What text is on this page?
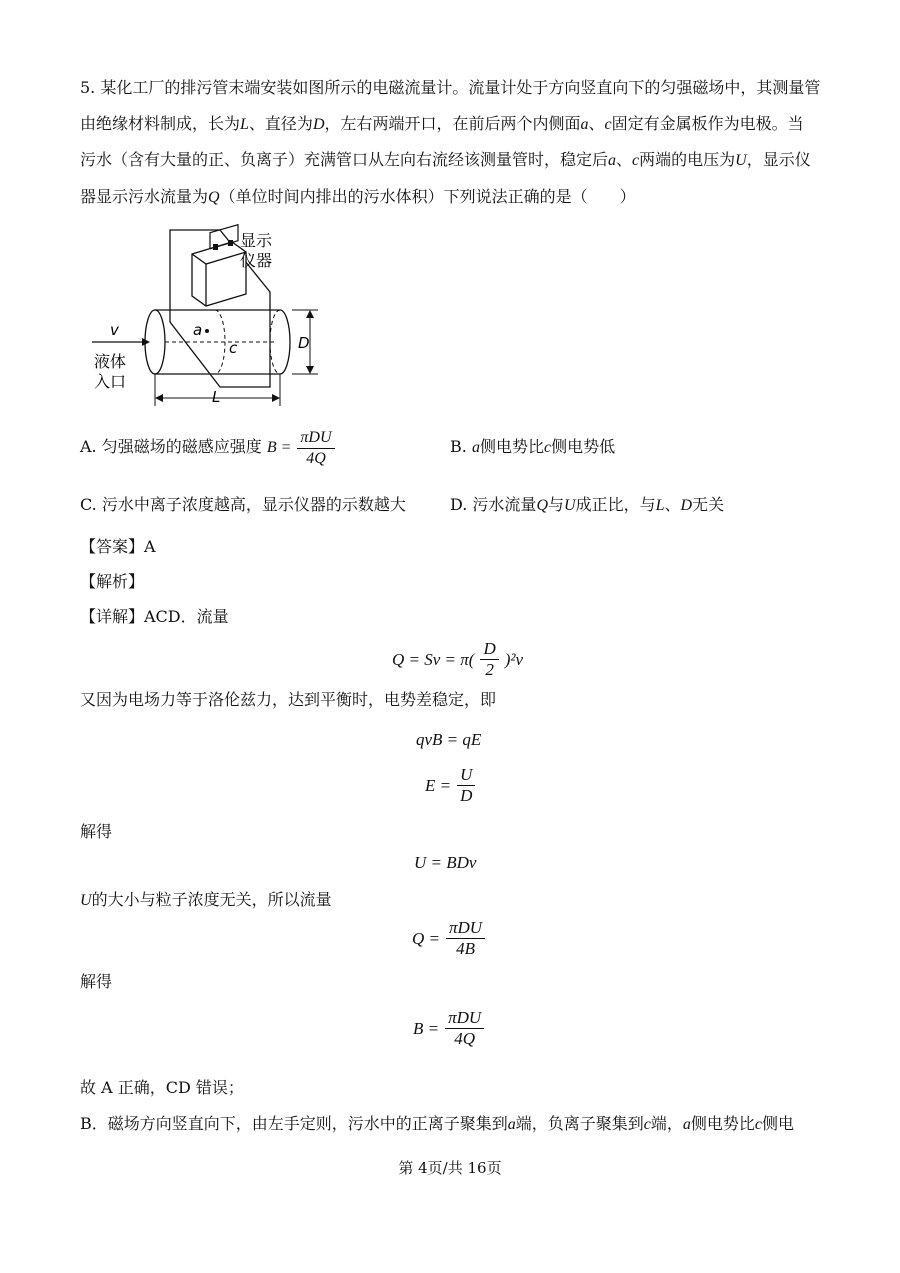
5. 某化工厂的排污管末端安装如图所示的电磁流量计。流量计处于方向竖直向下的匀强磁场中，其测量管
由绝缘材料制成，长为L、直径为D，左右两端开口，在前后两个内侧面a、c固定有金属板作为电极。当
污水（含有大量的正、负离子）充满管口从左向右流经该测量管时，稳定后a、c两端的电压为U，显示仪
器显示污水流量为Q（单位时间内排出的污水体积）下列说法正确的是（　　）
显示
仪器
a
c
v
液体
入口
D
L
A. 匀强磁场的磁感应强度 $B = \frac{\text{πDU}}{4Q}$	B. a侧电势比c侧电势低
C. 污水中离子浓度越高，显示仪器的示数越大	D. 污水流量Q与U成正比，与L、D无关
【答案】A
【解析】
【详解】ACD．流量
$Q = Sv = \pi( \frac{D}{2} )^2v$
又因为电场力等于洛伦兹力，达到平衡时，电势差稳定，即
qvB = qE
$E = \frac{U}{D}$
解得
U = BDv
U的大小与粒子浓度无关，所以流量
$Q = \frac{\text{πDU}}{4B}$
解得
$B = \frac{\text{πDU}}{4Q}$
故 A 正确，CD 错误；
B．磁场方向竖直向下，由左手定则，污水中的正离子聚集到a端，负离子聚集到c端，a侧电势比c侧电
第 4页/共 16页
